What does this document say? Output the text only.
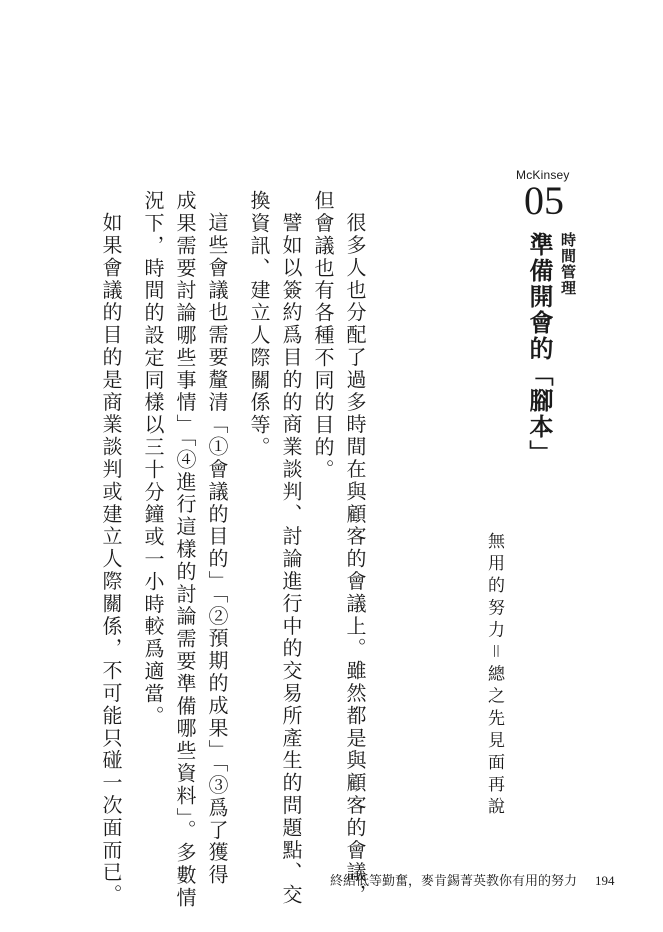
McKinsey
05
時間管理
準備開會的「腳本」
無用的努力＝總之先見面再說
很多人也分配了過多時間在與顧客的會議上。雖然都是與顧客的會議，
但會議也有各種不同的目的。
譬如以簽約爲目的的商業談判、討論進行中的交易所產生的問題點、交
換資訊、建立人際關係等。
這些會議也需要釐清「①會議的目的」「②預期的成果」「③爲了獲得
成果需要討論哪些事情」「④進行這樣的討論需要準備哪些資料」。多數情
況下，時間的設定同樣以三十分鐘或一小時較爲適當。
如果會議的目的是商業談判或建立人際關係，不可能只碰一次面而已。	終結低等勤奮，麥肯錫菁英教你有用的努力 194
